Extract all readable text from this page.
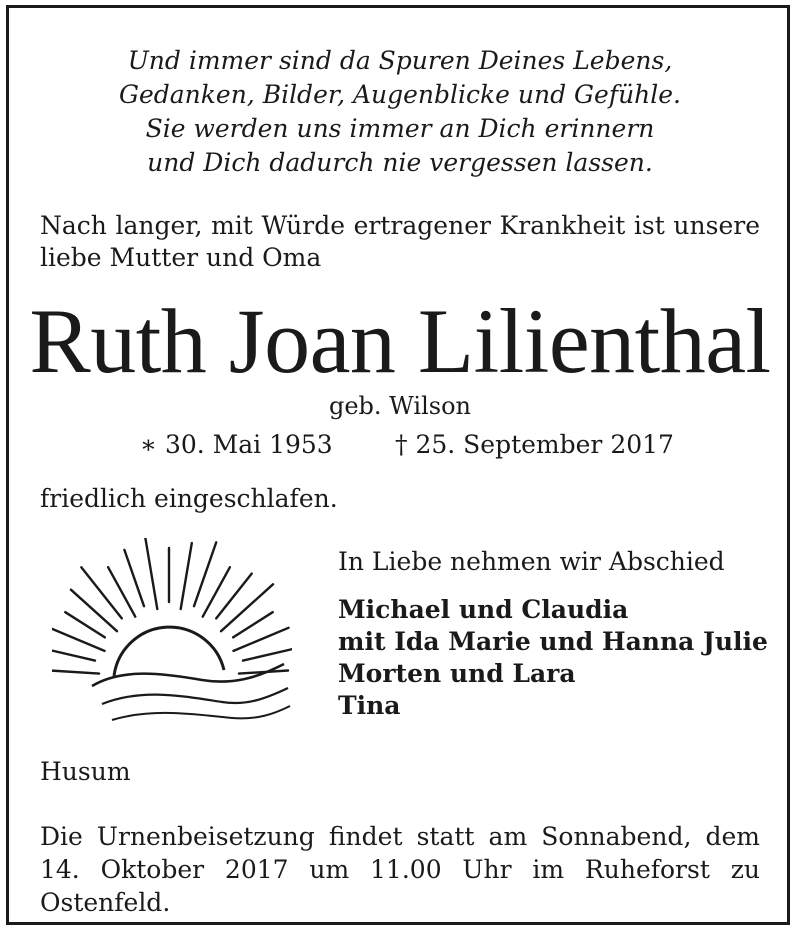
Und immer sind da Spuren Deines Lebens,
Gedanken, Bilder, Augenblicke und Gefühle.
Sie werden uns immer an Dich erinnern
und Dich dadurch nie vergessen lassen.
Nach langer, mit Würde ertragener Krankheit ist unsere liebe Mutter und Oma
Ruth Joan Lilienthal
geb. Wilson
∗ 30. Mai 1953 † 25. September 2017
friedlich eingeschlafen.
In Liebe nehmen wir Abschied
Michael und Claudia
mit Ida Marie und Hanna Julie
Morten und Lara
Tina
Husum
Die Urnenbeisetzung findet statt am Sonnabend, dem 14. Oktober 2017 um 11.00 Uhr im Ruheforst zu Ostenfeld.
